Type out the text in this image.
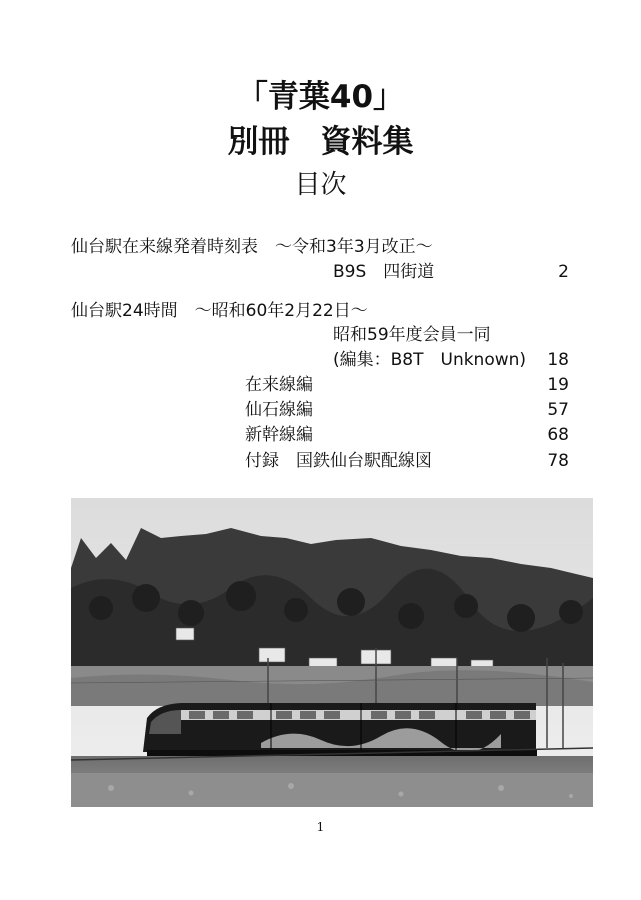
「青葉40」
別冊　資料集
目次
仙台駅在来線発着時刻表　～令和3年3月改正～
B9S　四街道	2
仙台駅24時間　～昭和60年2月22日～
昭和59年度会員一同
(編集：B8T　Unknown) 18
在来線編	19
仙石線編	57
新幹線編	68
付録　国鉄仙台駅配線図	78
1
